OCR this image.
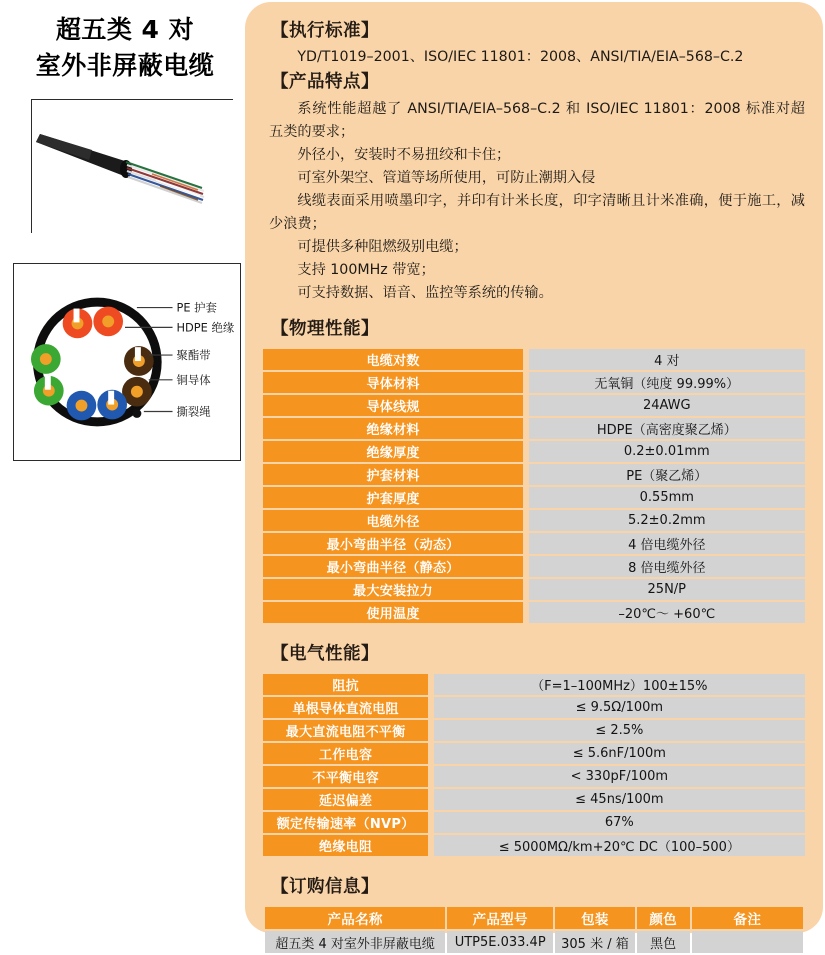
超五类 4 对
室外非屏蔽电缆
PE 护套
HDPE 绝缘
聚酯带
铜导体
撕裂绳
【执行标准】
YD/T1019–2001、ISO/IEC 11801：2008、ANSI/TIA/EIA–568–C.2
【产品特点】
系统性能超越了 ANSI/TIA/EIA–568–C.2 和 ISO/IEC 11801：2008 标准对超五类的要求；
外径小，安装时不易扭绞和卡住；
可室外架空、管道等场所使用，可防止潮期入侵
线缆表面采用喷墨印字，并印有计米长度，印字清晰且计米准确，便于施工，减少浪费；
可提供多种阻燃级别电缆；
支持 100MHz 带宽；
可支持数据、语音、监控等系统的传输。
【物理性能】
电缆对数		4 对
导体材料		无氧铜（纯度 99.99%）
导体线规		24AWG
绝缘材料		HDPE（高密度聚乙烯）
绝缘厚度		0.2±0.01mm
护套材料		PE（聚乙烯）
护套厚度		0.55mm
电缆外径		5.2±0.2mm
最小弯曲半径（动态）		4 倍电缆外径
最小弯曲半径（静态）		8 倍电缆外径
最大安装拉力		25N/P
使用温度		–20℃～ +60℃
【电气性能】
阻抗		（F=1–100MHz）100±15%
单根导体直流电阻		≤ 9.5Ω/100m
最大直流电阻不平衡		≤ 2.5%
工作电容		≤ 5.6nF/100m
不平衡电容		< 330pF/100m
延迟偏差		≤ 45ns/100m
额定传输速率（NVP）		67%
绝缘电阻		≤ 5000MΩ/km+20℃ DC（100–500）
【订购信息】
产品名称	产品型号	包装	颜色	备注
超五类 4 对室外非屏蔽电缆	UTP5E.033.4P	305 米 / 箱	黑色	
